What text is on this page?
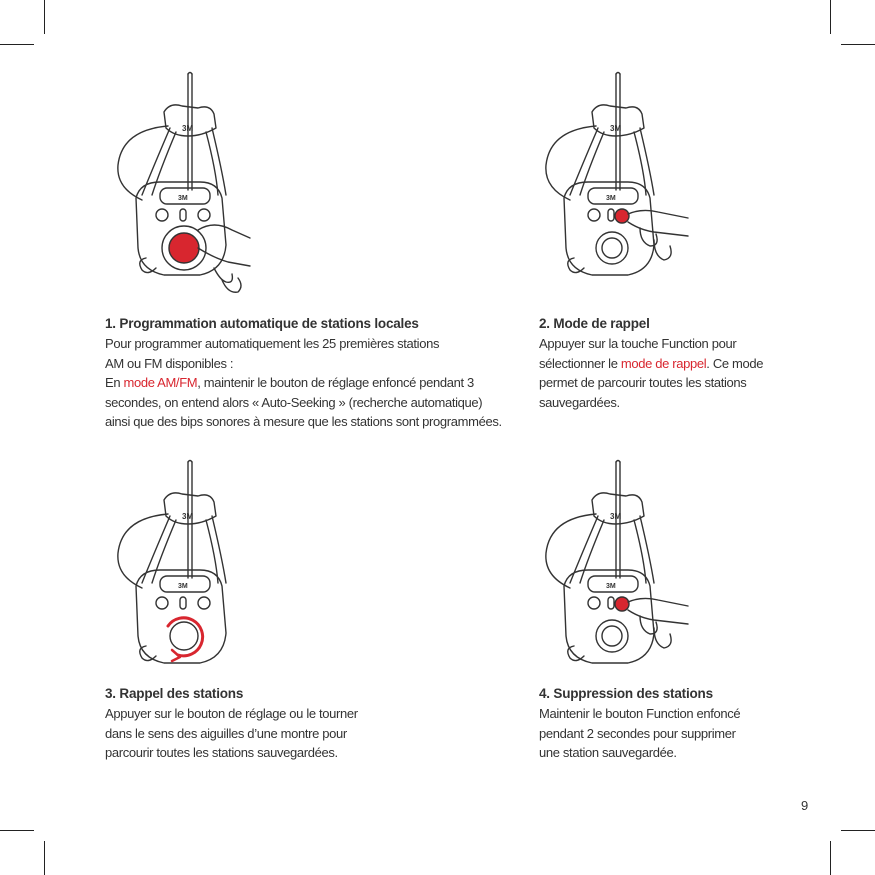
3M
3M
3M
3M
3M
3M
3M
3M
1. Programmation automatique de stations locales

Pour programmer automatiquement les 25 premières stations
AM ou FM disponibles :
En mode AM/FM, maintenir le bouton de réglage enfoncé pendant 3
secondes, on entend alors « Auto-Seeking » (recherche automatique)
ainsi que des bips sonores à mesure que les stations sont programmées.

2. Mode de rappel

Appuyer sur la touche Function pour
sélectionner le mode de rappel. Ce mode
permet de parcourir toutes les stations
sauvegardées.

3. Rappel des stations

Appuyer sur le bouton de réglage ou le tourner
dans le sens des aiguilles d’une montre pour
parcourir toutes les stations sauvegardées.

4. Suppression des stations

Maintenir le bouton Function enfoncé
pendant 2 secondes pour supprimer
une station sauvegardée.

9
